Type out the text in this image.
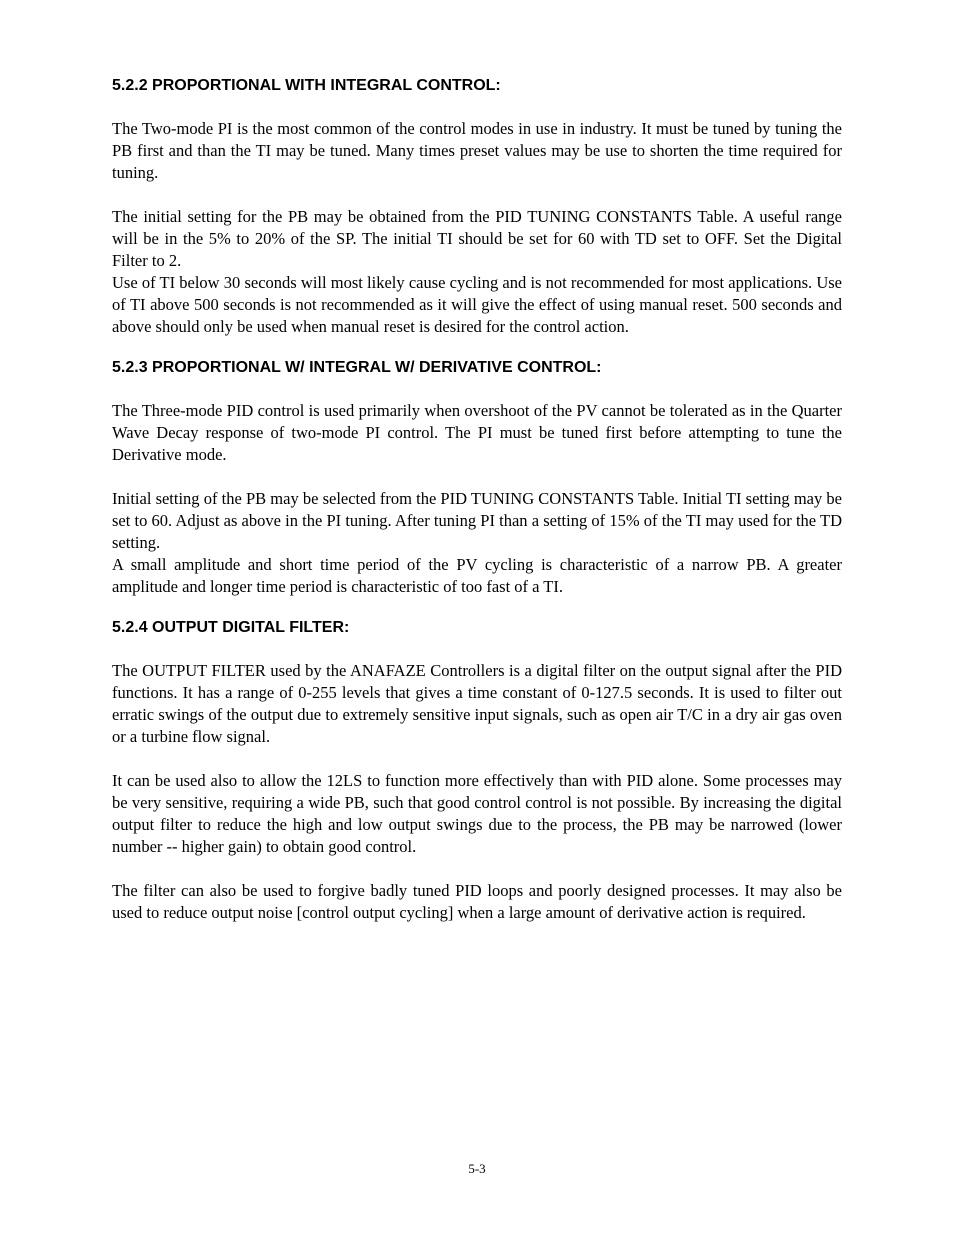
5.2.2 PROPORTIONAL WITH INTEGRAL CONTROL:

The Two-mode PI is the most common of the control modes in use in industry. It must be tuned by tuning the PB first and than the TI may be tuned. Many times preset values may be use to shorten the time required for tuning.

The initial setting for the PB may be obtained from the PID TUNING CONSTANTS Table. A useful range will be in the 5% to 20% of the SP. The initial TI should be set for 60 with TD set to OFF. Set the Digital Filter to 2.

Use of TI below 30 seconds will most likely cause cycling and is not recommended for most applications. Use of TI above 500 seconds is not recommended as it will give the effect of using manual reset. 500 seconds and above should only be used when manual reset is desired for the control action.

5.2.3 PROPORTIONAL W/ INTEGRAL W/ DERIVATIVE CONTROL:

The Three-mode PID control is used primarily when overshoot of the PV cannot be tolerated as in the Quarter Wave Decay response of two-mode PI control. The PI must be tuned first before attempting to tune the Derivative mode.

Initial setting of the PB may be selected from the PID TUNING CONSTANTS Table. Initial TI setting may be set to 60. Adjust as above in the PI tuning. After tuning PI than a setting of 15% of the TI may used for the TD setting.

A small amplitude and short time period of the PV cycling is characteristic of a narrow PB. A greater amplitude and longer time period is characteristic of too fast of a TI.

5.2.4 OUTPUT DIGITAL FILTER:

The OUTPUT FILTER used by the ANAFAZE Controllers is a digital filter on the output signal after the PID functions. It has a range of 0-255 levels that gives a time constant of 0-127.5 seconds. It is used to filter out erratic swings of the output due to extremely sensitive input signals, such as open air T/C in a dry air gas oven or a turbine flow signal.

It can be used also to allow the 12LS to function more effectively than with PID alone. Some processes may be very sensitive, requiring a wide PB, such that good control control is not possible. By increasing the digital output filter to reduce the high and low output swings due to the process, the PB may be narrowed (lower number -- higher gain) to obtain good control.

The filter can also be used to forgive badly tuned PID loops and poorly designed processes. It may also be used to reduce output noise [control output cycling] when a large amount of derivative action is required.

5-3
